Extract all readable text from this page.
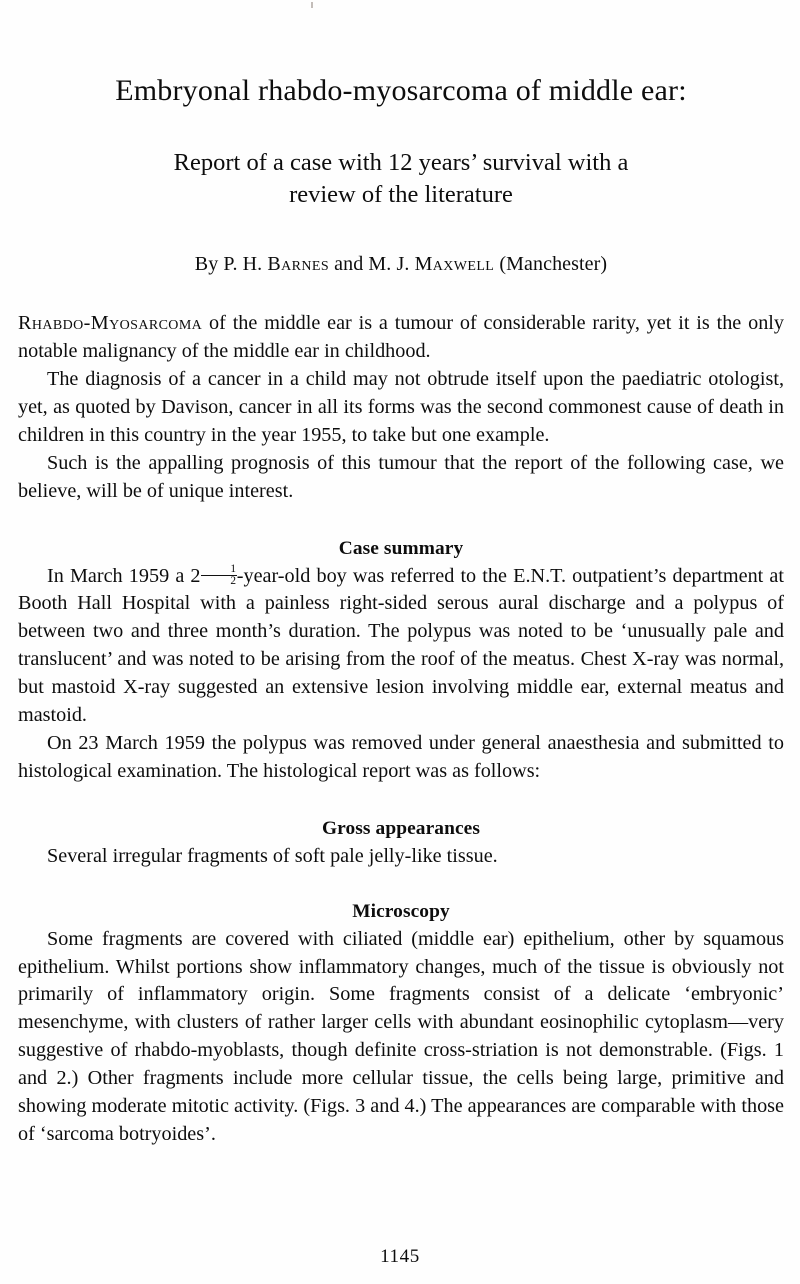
Embryonal rhabdo-myosarcoma of middle ear:
Report of a case with 12 years’ survival with a
review of the literature
By P. H. Barnes and M. J. Maxwell (Manchester)

Rhabdo-Myosarcoma of the middle ear is a tumour of considerable rarity, yet it is the only notable malignancy of the middle ear in childhood.

The diagnosis of a cancer in a child may not obtrude itself upon the paediatric otologist, yet, as quoted by Davison, cancer in all its forms was the second commonest cause of death in children in this country in the year 1955, to take but one example.

Such is the appalling prognosis of this tumour that the report of the following case, we believe, will be of unique interest.

Case summary

In March 1959 a $2 \frac{1}{2}$ -year-old boy was referred to the E.N.T. outpatient’s department at Booth Hall Hospital with a painless right-sided serous aural discharge and a polypus of between two and three month’s duration. The polypus was noted to be ‘unusually pale and translucent’ and was noted to be arising from the roof of the meatus. Chest X-ray was normal, but mastoid X-ray suggested an extensive lesion involving middle ear, external meatus and mastoid.

On 23 March 1959 the polypus was removed under general anaesthesia and submitted to histological examination. The histological report was as follows:

Gross appearances

Several irregular fragments of soft pale jelly-like tissue.

Microscopy

Some fragments are covered with ciliated (middle ear) epithelium, other by squamous epithelium. Whilst portions show inflammatory changes, much of the tissue is obviously not primarily of inflammatory origin. Some fragments consist of a delicate ‘embryonic’ mesenchyme, with clusters of rather larger cells with abundant eosinophilic cytoplasm—very suggestive of rhabdo-myoblasts, though definite cross-striation is not demonstrable. (Figs. 1 and 2.) Other fragments include more cellular tissue, the cells being large, primitive and showing moderate mitotic activity. (Figs. 3 and 4.) The appearances are comparable with those of ‘sarcoma botryoides’.

1145
